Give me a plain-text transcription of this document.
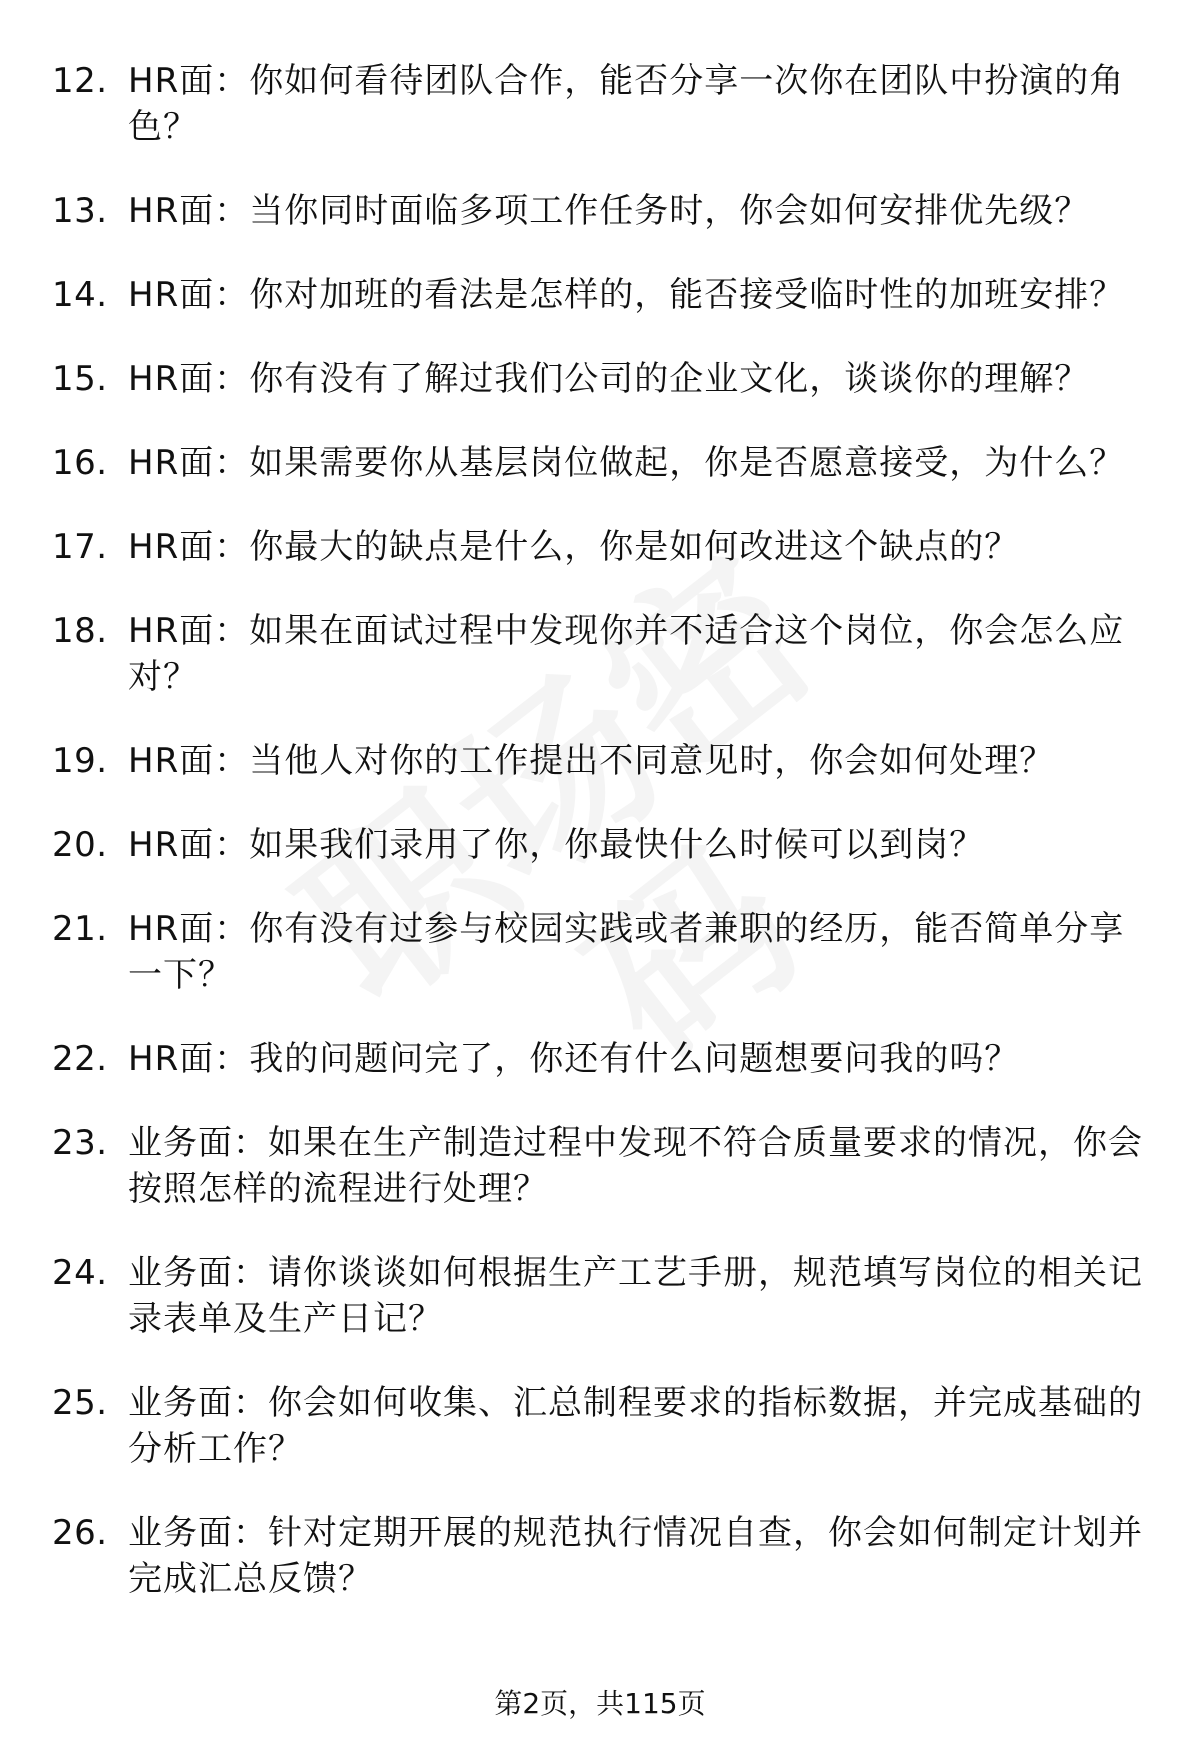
12. HR面：你如何看待团队合作，能否分享一次你在团队中扮演的角色？
13. HR面：当你同时面临多项工作任务时，你会如何安排优先级？
14. HR面：你对加班的看法是怎样的，能否接受临时性的加班安排？
15. HR面：你有没有了解过我们公司的企业文化，谈谈你的理解？
16. HR面：如果需要你从基层岗位做起，你是否愿意接受，为什么？
17. HR面：你最大的缺点是什么，你是如何改进这个缺点的？
18. HR面：如果在面试过程中发现你并不适合这个岗位，你会怎么应对？
19. HR面：当他人对你的工作提出不同意见时，你会如何处理？
20. HR面：如果我们录用了你，你最快什么时候可以到岗？
21. HR面：你有没有过参与校园实践或者兼职的经历，能否简单分享一下？
22. HR面：我的问题问完了，你还有什么问题想要问我的吗？
23. 业务面：如果在生产制造过程中发现不符合质量要求的情况，你会按照怎样的流程进行处理？
24. 业务面：请你谈谈如何根据生产工艺手册，规范填写岗位的相关记录表单及生产日记？
25. 业务面：你会如何收集、汇总制程要求的指标数据，并完成基础的分析工作？
26. 业务面：针对定期开展的规范执行情况自查，你会如何制定计划并完成汇总反馈？
第2页，共115页
